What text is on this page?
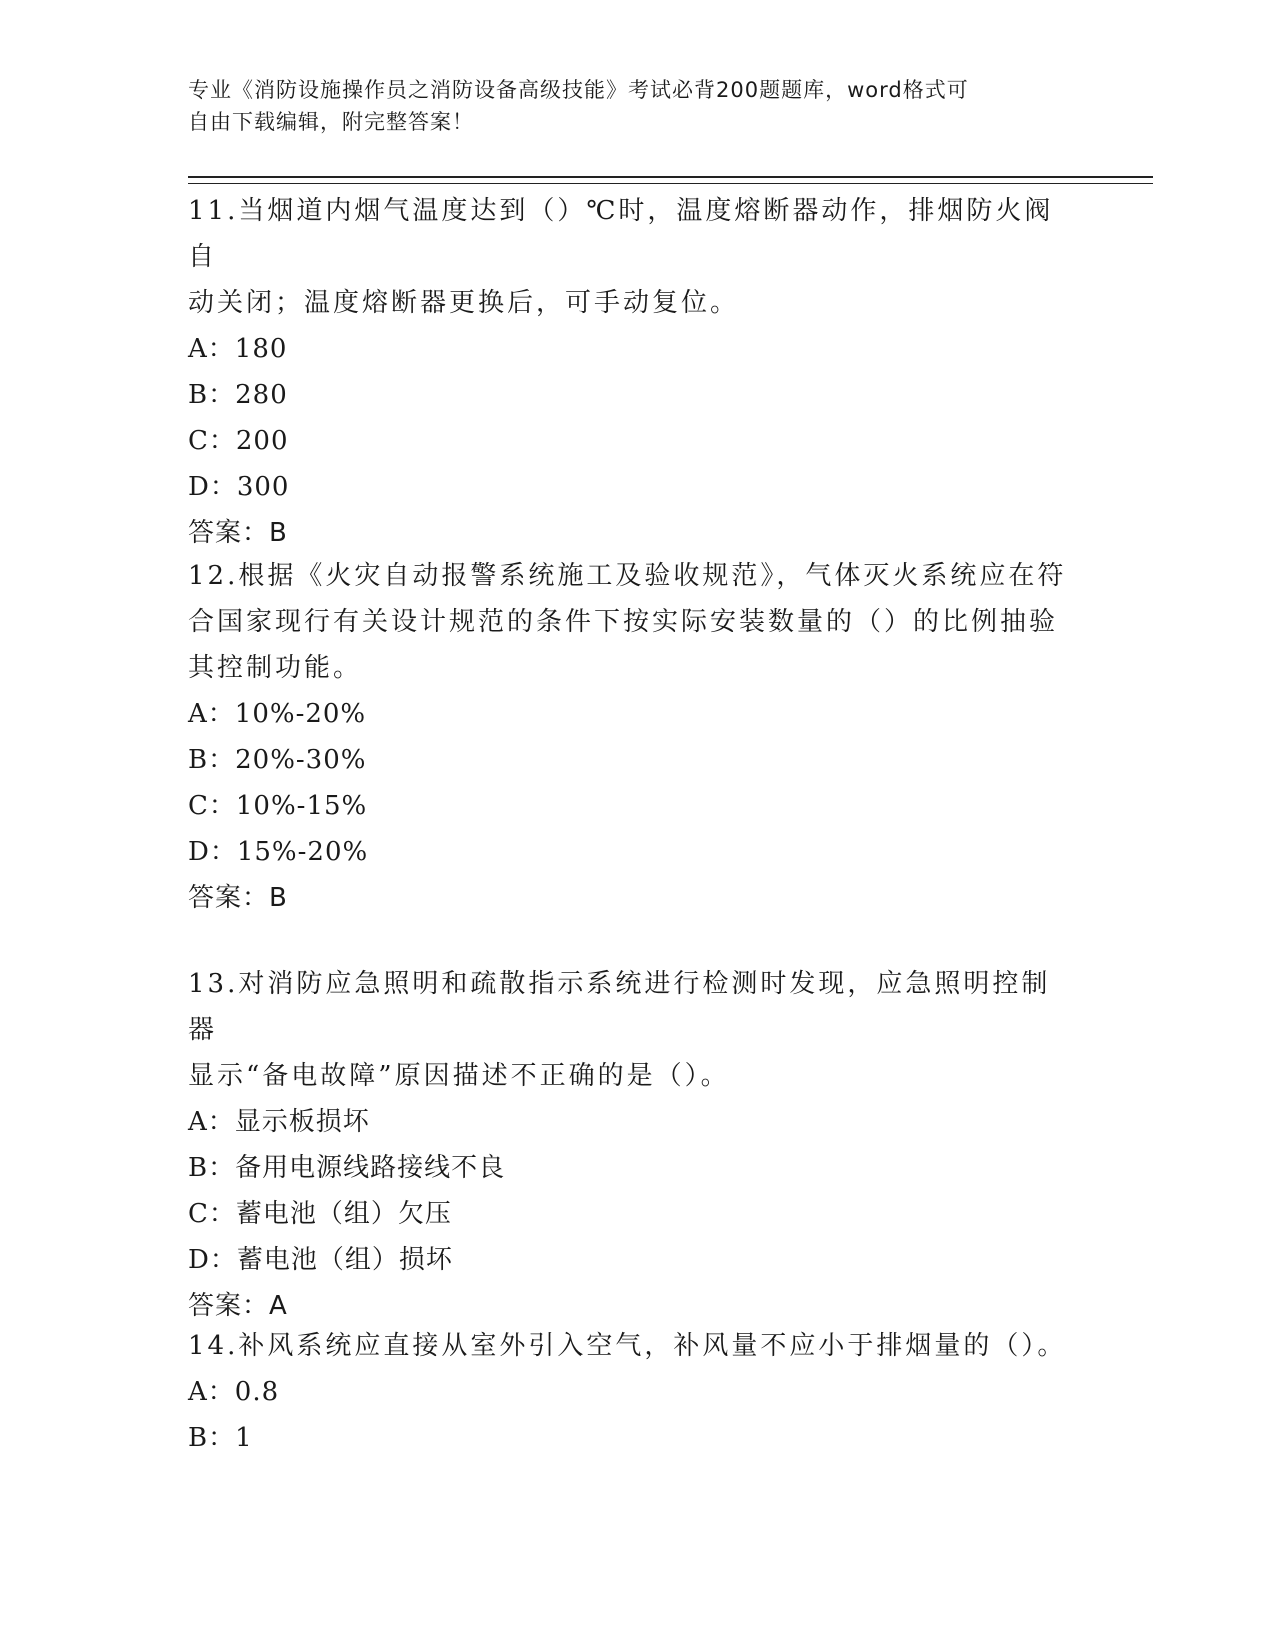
专业《消防设施操作员之消防设备高级技能》考试必背200题题库，word格式可
自由下载编辑，附完整答案！

11.当烟道内烟气温度达到（）℃时，温度熔断器动作，排烟防火阀自

动关闭；温度熔断器更换后，可手动复位。

A：180

B：280

C：200

D：300

答案：B

12.根据《火灾自动报警系统施工及验收规范》，气体灭火系统应在符

合国家现行有关设计规范的条件下按实际安装数量的（）的比例抽验

其控制功能。

A：10%-20%

B：20%-30%

C：10%-15%

D：15%-20%

答案：B

13.对消防应急照明和疏散指示系统进行检测时发现，应急照明控制器

显示“备电故障”原因描述不正确的是（）。

A：显示板损坏

B：备用电源线路接线不良

C：蓄电池（组）欠压

D：蓄电池（组）损坏

答案：A

14.补风系统应直接从室外引入空气，补风量不应小于排烟量的（）。

A：0.8

B：1
